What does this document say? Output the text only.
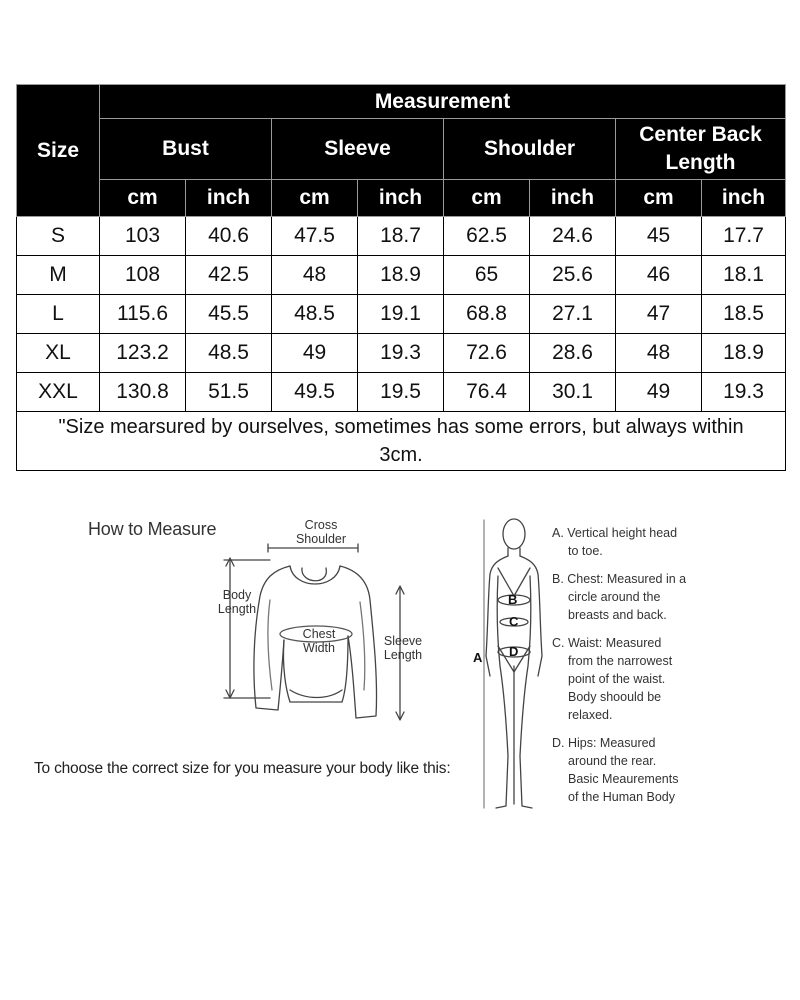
Size	Measurement							
	Bust		Sleeve		Shoulder		Center Back Length	
	cm	inch	cm	inch	cm	inch	cm	inch
S	103	40.6	47.5	18.7	62.5	24.6	45	17.7
M	108	42.5	48	18.9	65	25.6	46	18.1
L	115.6	45.5	48.5	19.1	68.8	27.1	47	18.5
XL	123.2	48.5	49	19.3	72.6	28.6	48	18.9
XXL	130.8	51.5	49.5	19.5	76.4	30.1	49	19.3
"Size mearsured by ourselves, sometimes has some errors, but always within 3cm.								
How to Measure	Cross
Shoulder
Body
Length
Chest
Width	Sleeve
Length
To choose the correct size for you measure your body like this:
B
C
D
A
A. Vertical height head
to toe.
B. Chest: Measured in a
circle around the
breasts and back.
C. Waist: Measured
from the narrowest
point of the waist.
Body shoould be
relaxed.
D. Hips: Measured
around the rear.
Basic Meaurements
of the Human Body
